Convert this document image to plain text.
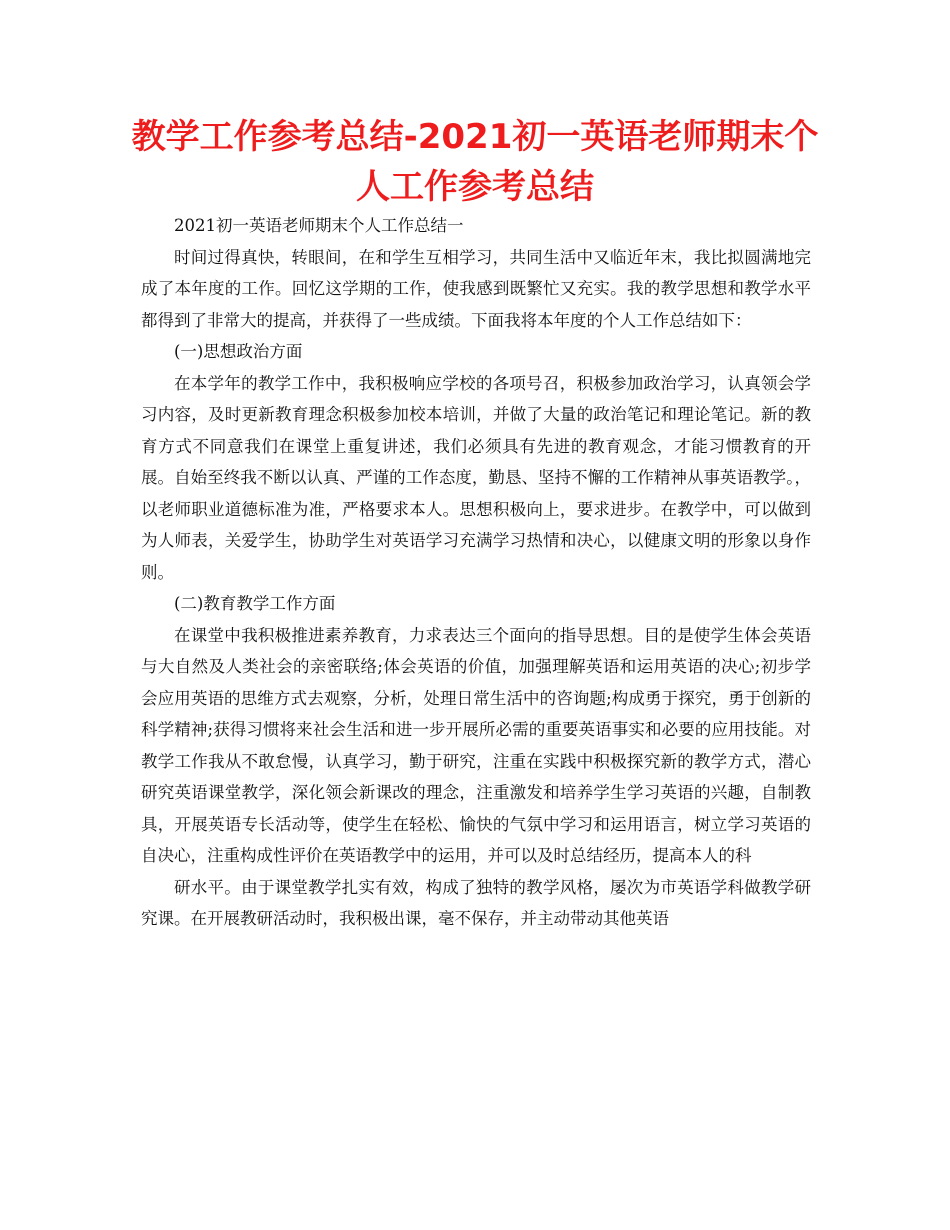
教学工作参考总结-2021初一英语老师期末个人工作参考总结

2021初一英语老师期末个人工作总结一

时间过得真快，转眼间，在和学生互相学习，共同生活中又临近年末，我比拟圆满地完成了本年度的工作。回忆这学期的工作，使我感到既繁忙又充实。我的教学思想和教学水平都得到了非常大的提高，并获得了一些成绩。下面我将本年度的个人工作总结如下：

(一)思想政治方面

在本学年的教学工作中，我积极响应学校的各项号召，积极参加政治学习，认真领会学习内容，及时更新教育理念积极参加校本培训，并做了大量的政治笔记和理论笔记。新的教育方式不同意我们在课堂上重复讲述，我们必须具有先进的教育观念，才能习惯教育的开展。自始至终我不断以认真、严谨的工作态度，勤恳、坚持不懈的工作精神从事英语教学。，以老师职业道德标准为准，严格要求本人。思想积极向上，要求进步。在教学中，可以做到为人师表，关爱学生，协助学生对英语学习充满学习热情和决心，以健康文明的形象以身作则。

(二)教育教学工作方面

在课堂中我积极推进素养教育，力求表达三个面向的指导思想。目的是使学生体会英语与大自然及人类社会的亲密联络;体会英语的价值，加强理解英语和运用英语的决心;初步学会应用英语的思维方式去观察，分析，处理日常生活中的咨询题;构成勇于探究，勇于创新的科学精神;获得习惯将来社会生活和进一步开展所必需的重要英语事实和必要的应用技能。对教学工作我从不敢怠慢，认真学习，勤于研究，注重在实践中积极探究新的教学方式，潜心研究英语课堂教学，深化领会新课改的理念，注重激发和培养学生学习英语的兴趣，自制教具，开展英语专长活动等，使学生在轻松、愉快的气氛中学习和运用语言，树立学习英语的自决心，注重构成性评价在英语教学中的运用，并可以及时总结经历，提高本人的科

研水平。由于课堂教学扎实有效，构成了独特的教学风格，屡次为市英语学科做教学研究课。在开展教研活动时，我积极出课，毫不保存，并主动带动其他英语
